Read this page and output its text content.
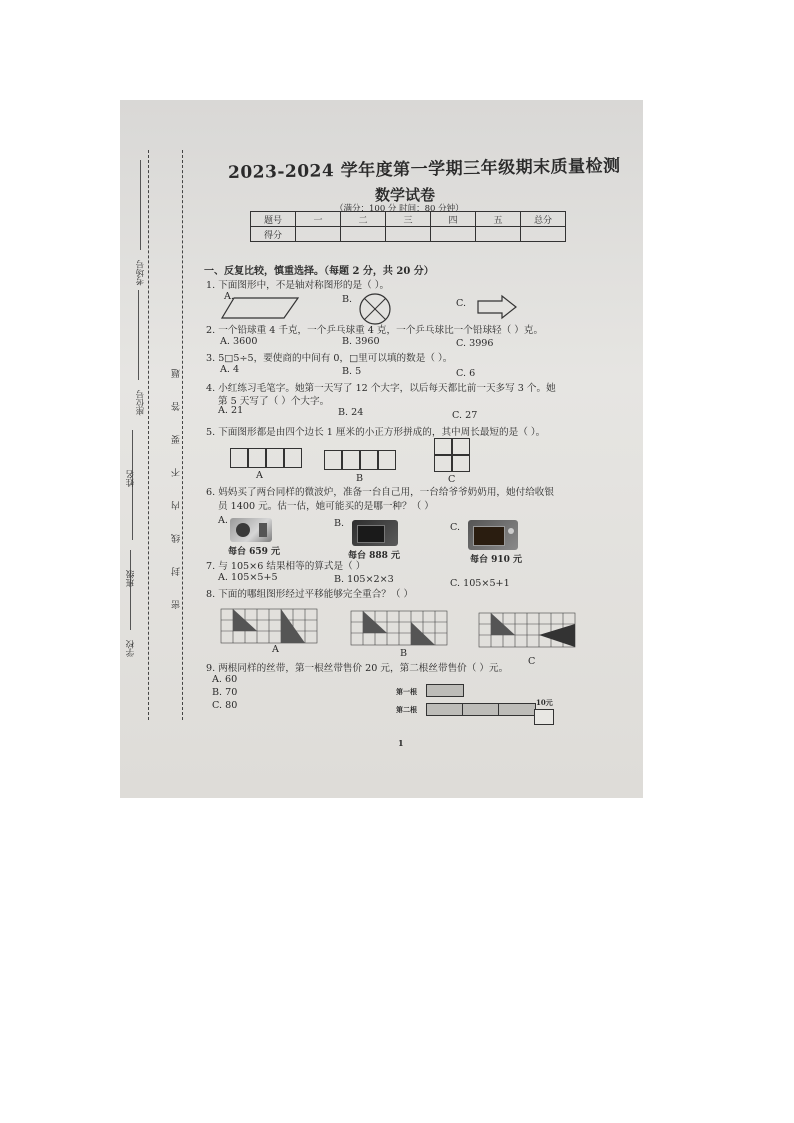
学校
班级
姓名
座位号
考场号
密封线内不要答题
2023-2024 学年度第一学期三年级期末质量检测
数学试卷
（满分：100 分 时间：80 分钟）
题号	一	二	三	四	五	总分
得分						
一、反复比较，慎重选择。（每题 2 分，共 20 分）
1. 下面图形中，不是轴对称图形的是（ ）。
A.	B.	C.
2. 一个铅球重 4 千克，一个乒乓球重 4 克，一个乒乓球比一个铅球轻（ ）克。
A. 3600	B. 3960	C. 3996
3. 5□5÷5，要使商的中间有 0，□里可以填的数是（ ）。
A. 4	B. 5	C. 6
4. 小红练习毛笔字。她第一天写了 12 个大字，以后每天都比前一天多写 3 个。她
第 5 天写了（ ）个大字。
A. 21	B. 24	C. 27
5. 下面图形都是由四个边长 1 厘米的小正方形拼成的，其中周长最短的是（ ）。
A	B	C
6. 妈妈买了两台同样的微波炉，准备一台自己用，一台给爷爷奶奶用，她付给收银
员 1400 元。估一估，她可能买的是哪一种？（ ）
A.
每台 659 元
B.
每台 888 元
C.
每台 910 元
7. 与 105×6 结果相等的算式是（ ）
A. 105×5+5	B. 105×2×3	C. 105×5+1
8. 下面的哪组图形经过平移能够完全重合？（ ）
A	B
C
9. 两根同样的丝带，第一根丝带售价 20 元，第二根丝带售价（ ）元。
A. 60
B. 70
C. 80
第一根
第二根
10元
1
